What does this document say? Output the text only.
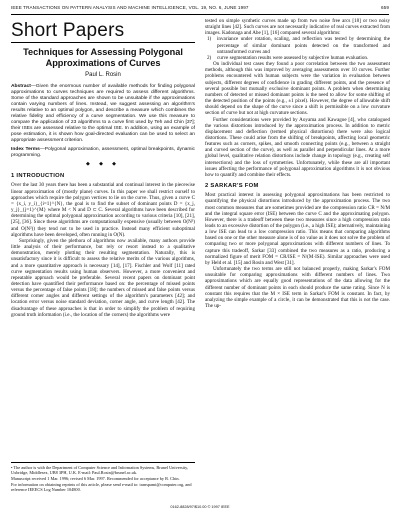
IEEE TRANSACTIONS ON PATTERN ANALYSIS AND MACHINE INTELLIGENCE, VOL. 19, NO. 6, JUNE 1997	659
Short Papers
Techniques for Assessing Polygonal Approximations of Curves
Paul L. Rosin

Abstract—Given the enormous number of available methods for finding polygonal approximations to curves techniques are required to assess different algorithms. Some of the standard approaches are shown to be unsuitable if the approximations contain varying numbers of lines. Instead, we suggest assessing an algorithm's results relative to an optimal polygon, and describe a measure which combines the relative fidelity and efficiency of a curve segmentation. We use this measure to compare the application of 23 algorithms to a curve first used by Teh and Chin [37]; their ISEs are assessed relative to the optimal ISE. In addition, using an example of pose estimation, it is shown how goal-directed evaluation can be used to select an appropriate assessment criterion.

Index Terms—Polygonal approximation, assessment, optimal breakpoints, dynamic programming.

◆ ◆ ◆
1 INTRODUCTION

Over the last 30 years there has been a substantial and continual interest in the piecewise linear approximation of (mostly plane) curves. In this paper we shall restrict ourself to approaches which require the polygon vertices to lie on the curve. Thus, given a curve C = {x_i, y_i}_{i=1}^{N}, the goal is to find the subset of dominant points D = {x_j, y_j}_{j=1}^{M} where M < N and D ⊂ C. Several algorithms have been described for determining the optimal polygonal approximation according to various criteria [10], [21], [25], [36]. Since these algorithms are computationally expensive (usually between O(N³) and O(N²)) they tend not to be used in practice. Instead many efficient suboptimal algorithms have been developed, often running in O(N).

Surprisingly, given the plethora of algorithms now available, many authors provide little analysis of their performance, but rely or resort instead to a qualitative demonstration, merely plotting their resulting segmentation. Naturally, this is unsatisfactory since it is difficult to assess the relative merits of the various algorithms, and a more quantitative approach is necessary [14], [17]. Fischler and Wolf [11] rated curve segmentation results using human observers. However, a more convenient and repeatable approach would be preferable. Several recent papers on dominant point detection have quantified their performance based on: the percentage of missed points versus the percentage of false points [18]; the numbers of missed and false points versus different corner angles and different settings of the algorithm's parameters [42]; and location error versus noise standard deviation, corner angle, and curve length [42]. The disadvantage of these approaches is that in order to simplify the problem of requiring ground truth information (i.e., the location of the corners) the algorithms were

• The author is with the Department of Computer Science and Information Systems, Brunel University, Uxbridge, Middlesex, UB8 3PH, U.K. E-mail: Paul.Rosin@brunel.ac.uk.
Manuscript received 1 Mar. 1996; revised 6 Mar. 1997. Recommended for acceptance by R. Chin.
For information on obtaining reprints of this article, please send e-mail to: transpami@computer.org, and reference IEEECS Log Number 104800.

tested on simple synthetic curves made up from two noise free arcs [18] or two noisy straight lines [42]. Such curves are not necessarily indicative of real curves extracted from images. Kadonaga and Abe [1], [16] compared several algorithms:

1) invariance under rotation, scaling, and reflection was tested by determining the percentage of similar dominant points detected on the transformed and untransformed curves and
2) curve segmentation results were assessed by subjective human evaluation.

On individual test cases they found a poor correlation between the two assessment methods, although this was improved by averaging assessments over 10 curves. Further problems encountered with human subjects were the variation in evaluation between subjects, different degrees of confidence in grading different points, and the presence of several possible but mutually exclusive dominant points. A problem when determining numbers of detected or missed dominant points is the need to allow for some shifting of the detected position of the points (e.g., ±1 pixel). However, the degree of allowable shift should depend on the shape of the curve since a shift is permissible on a low curvature section of curve but not at high curvature sections.

Further considerations were provided by Aoyama and Kawagoe [4], who catalogued the various distortions introduced by the approximation process. In addition to metric displacement and deflection (termed physical distortions) there were also logical distortions. These could arise from the shifting of breakpoints, affecting local geometric features such as corners, spikes, and smooth connecting points (e.g., between a straight and curved section of the curve), as well as parallel and perpendicular lines. At a more global level, qualitative relation distortions include change in topology (e.g., creating self intersections) and the loss of symmetries. Unfortunately, while these are all important issues affecting the performance of polygonal approximation algorithms it is not obvious how to quantify and combine their effects.

2 SARKAR'S FOM

Most practical interest in assessing polygonal approximations has been restricted to quantifying the physical distortions introduced by the approximation process. The two most common measures that are sometimes provided are the compression ratio CR = N/M and the integral square error (ISE) between the curve C and the approximating polygon. However, there is a tradeoff between these two measures since a high compression ratio leads to an excessive distortion of the polygon (i.e., a high ISE); alternatively, maintaining a low ISE can lead to a low compression ratio. This means that comparing algorithms based on one or the other measure alone is of no value as it does not solve the problem of comparing two or more polygonal approximations with different numbers of lines. To capture this tradeoff, Sarkar [33] combined the two measures as a ratio, producing a normalized figure of merit FOM = CR/ISE = N/(M·ISE). Similar approaches were used by Held et al. [15] and Rosin and West [31].

Unfortunately the two terms are still not balanced properly, making Sarkar's FOM unsuitable for comparing approximations with different numbers of lines. Two approximations which are equally good representations of the data allowing for the different number of dominant points in each should produce the same rating. Since N is constant this requires that the M × ISE term in Sarkar's FOM is constant. In fact, by analyzing the simple example of a circle, it can be demonstrated that this is not the case. The up-

0162-8828/97/$10.00 © 1997 IEEE
